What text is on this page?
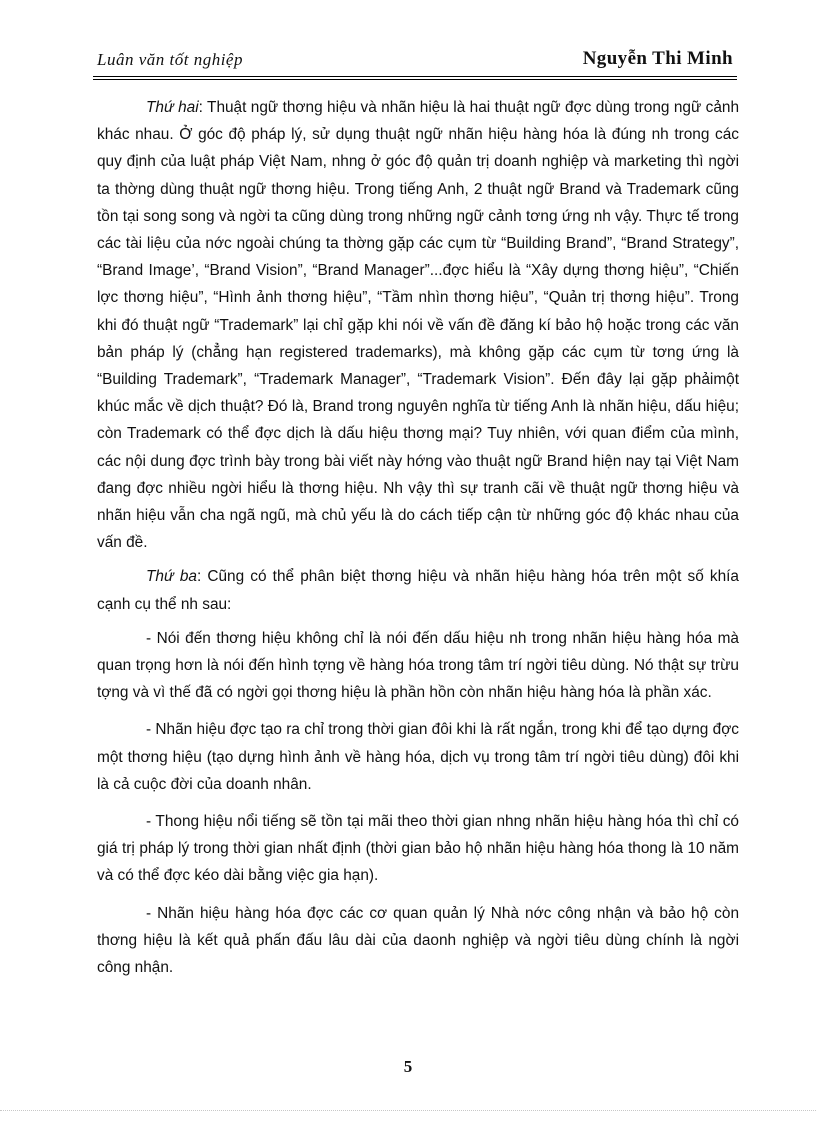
Luân văn tốt nghiệp	Nguyễn Thi Minh

Thứ hai: Thuật ngữ thơng hiệu và nhãn hiệu là hai thuật ngữ đợc dùng trong ngữ cảnh khác nhau. Ở góc độ pháp lý, sử dụng thuật ngữ nhãn hiệu hàng hóa là đúng nh trong các quy định của luật pháp Việt Nam, nhng ở góc độ quản trị doanh nghiệp và marketing thì ngời ta thờng dùng thuật ngữ thơng hiệu. Trong tiếng Anh, 2 thuật ngữ Brand và Trademark cũng tồn tại song song và ngời ta cũng dùng trong những ngữ cảnh tơng ứng nh vậy. Thực tế trong các tài liệu của nớc ngoài chúng ta thờng gặp các cụm từ “Building Brand”, “Brand Strategy”, “Brand Image’, “Brand Vision”, “Brand Manager”...đợc hiểu là “Xây dựng thơng hiệu”, “Chiến lợc thơng hiệu”, “Hình ảnh thơng hiệu”, “Tầm nhìn thơng hiệu”, “Quản trị thơng hiệu”. Trong khi đó thuật ngữ “Trademark” lại chỉ gặp khi nói về vấn đề đăng kí bảo hộ hoặc trong các văn bản pháp lý (chẳng hạn registered trademarks), mà không gặp các cụm từ tơng ứng là “Building Trademark”, “Trademark Manager”, “Trademark Vision”. Đến đây lại gặp phảimột khúc mắc về dịch thuật? Đó là, Brand trong nguyên nghĩa từ tiếng Anh là nhãn hiệu, dấu hiệu; còn Trademark có thể đợc dịch là dấu hiệu thơng mại? Tuy nhiên, với quan điểm của mình, các nội dung đợc trình bày trong bài viết này hớng vào thuật ngữ Brand hiện nay tại Việt Nam đang đợc nhiều ngời hiểu là thơng hiệu. Nh vậy thì sự tranh cãi về thuật ngữ thơng hiệu và nhãn hiệu vẫn cha ngã ngũ, mà chủ yếu là do cách tiếp cận từ những góc độ khác nhau của vấn đề.

Thứ ba: Cũng có thể phân biệt thơng hiệu và nhãn hiệu hàng hóa trên một số khía cạnh cụ thể nh sau:

- Nói đến thơng hiệu không chỉ là nói đến dấu hiệu nh trong nhãn hiệu hàng hóa mà quan trọng hơn là nói đến hình tợng về hàng hóa trong tâm trí ngời tiêu dùng. Nó thật sự trừu tợng và vì thế đã có ngời gọi thơng hiệu là phần hồn còn nhãn hiệu hàng hóa là phần xác.

- Nhãn hiệu đợc tạo ra chỉ trong thời gian đôi khi là rất ngắn, trong khi để tạo dựng đợc một thơng hiệu (tạo dựng hình ảnh về hàng hóa, dịch vụ trong tâm trí ngời tiêu dùng) đôi khi là cả cuộc đời của doanh nhân.

- Thong hiệu nổi tiếng sẽ tồn tại mãi theo thời gian nhng nhãn hiệu hàng hóa thì chỉ có giá trị pháp lý trong thời gian nhất định (thời gian bảo hộ nhãn hiệu hàng hóa thong là 10 năm và có thể đợc kéo dài bằng việc gia hạn).

- Nhãn hiệu hàng hóa đợc các cơ quan quản lý Nhà nớc công nhận và bảo hộ còn thơng hiệu là kết quả phấn đấu lâu dài của daonh nghiệp và ngời tiêu dùng chính là ngời công nhận.

5
